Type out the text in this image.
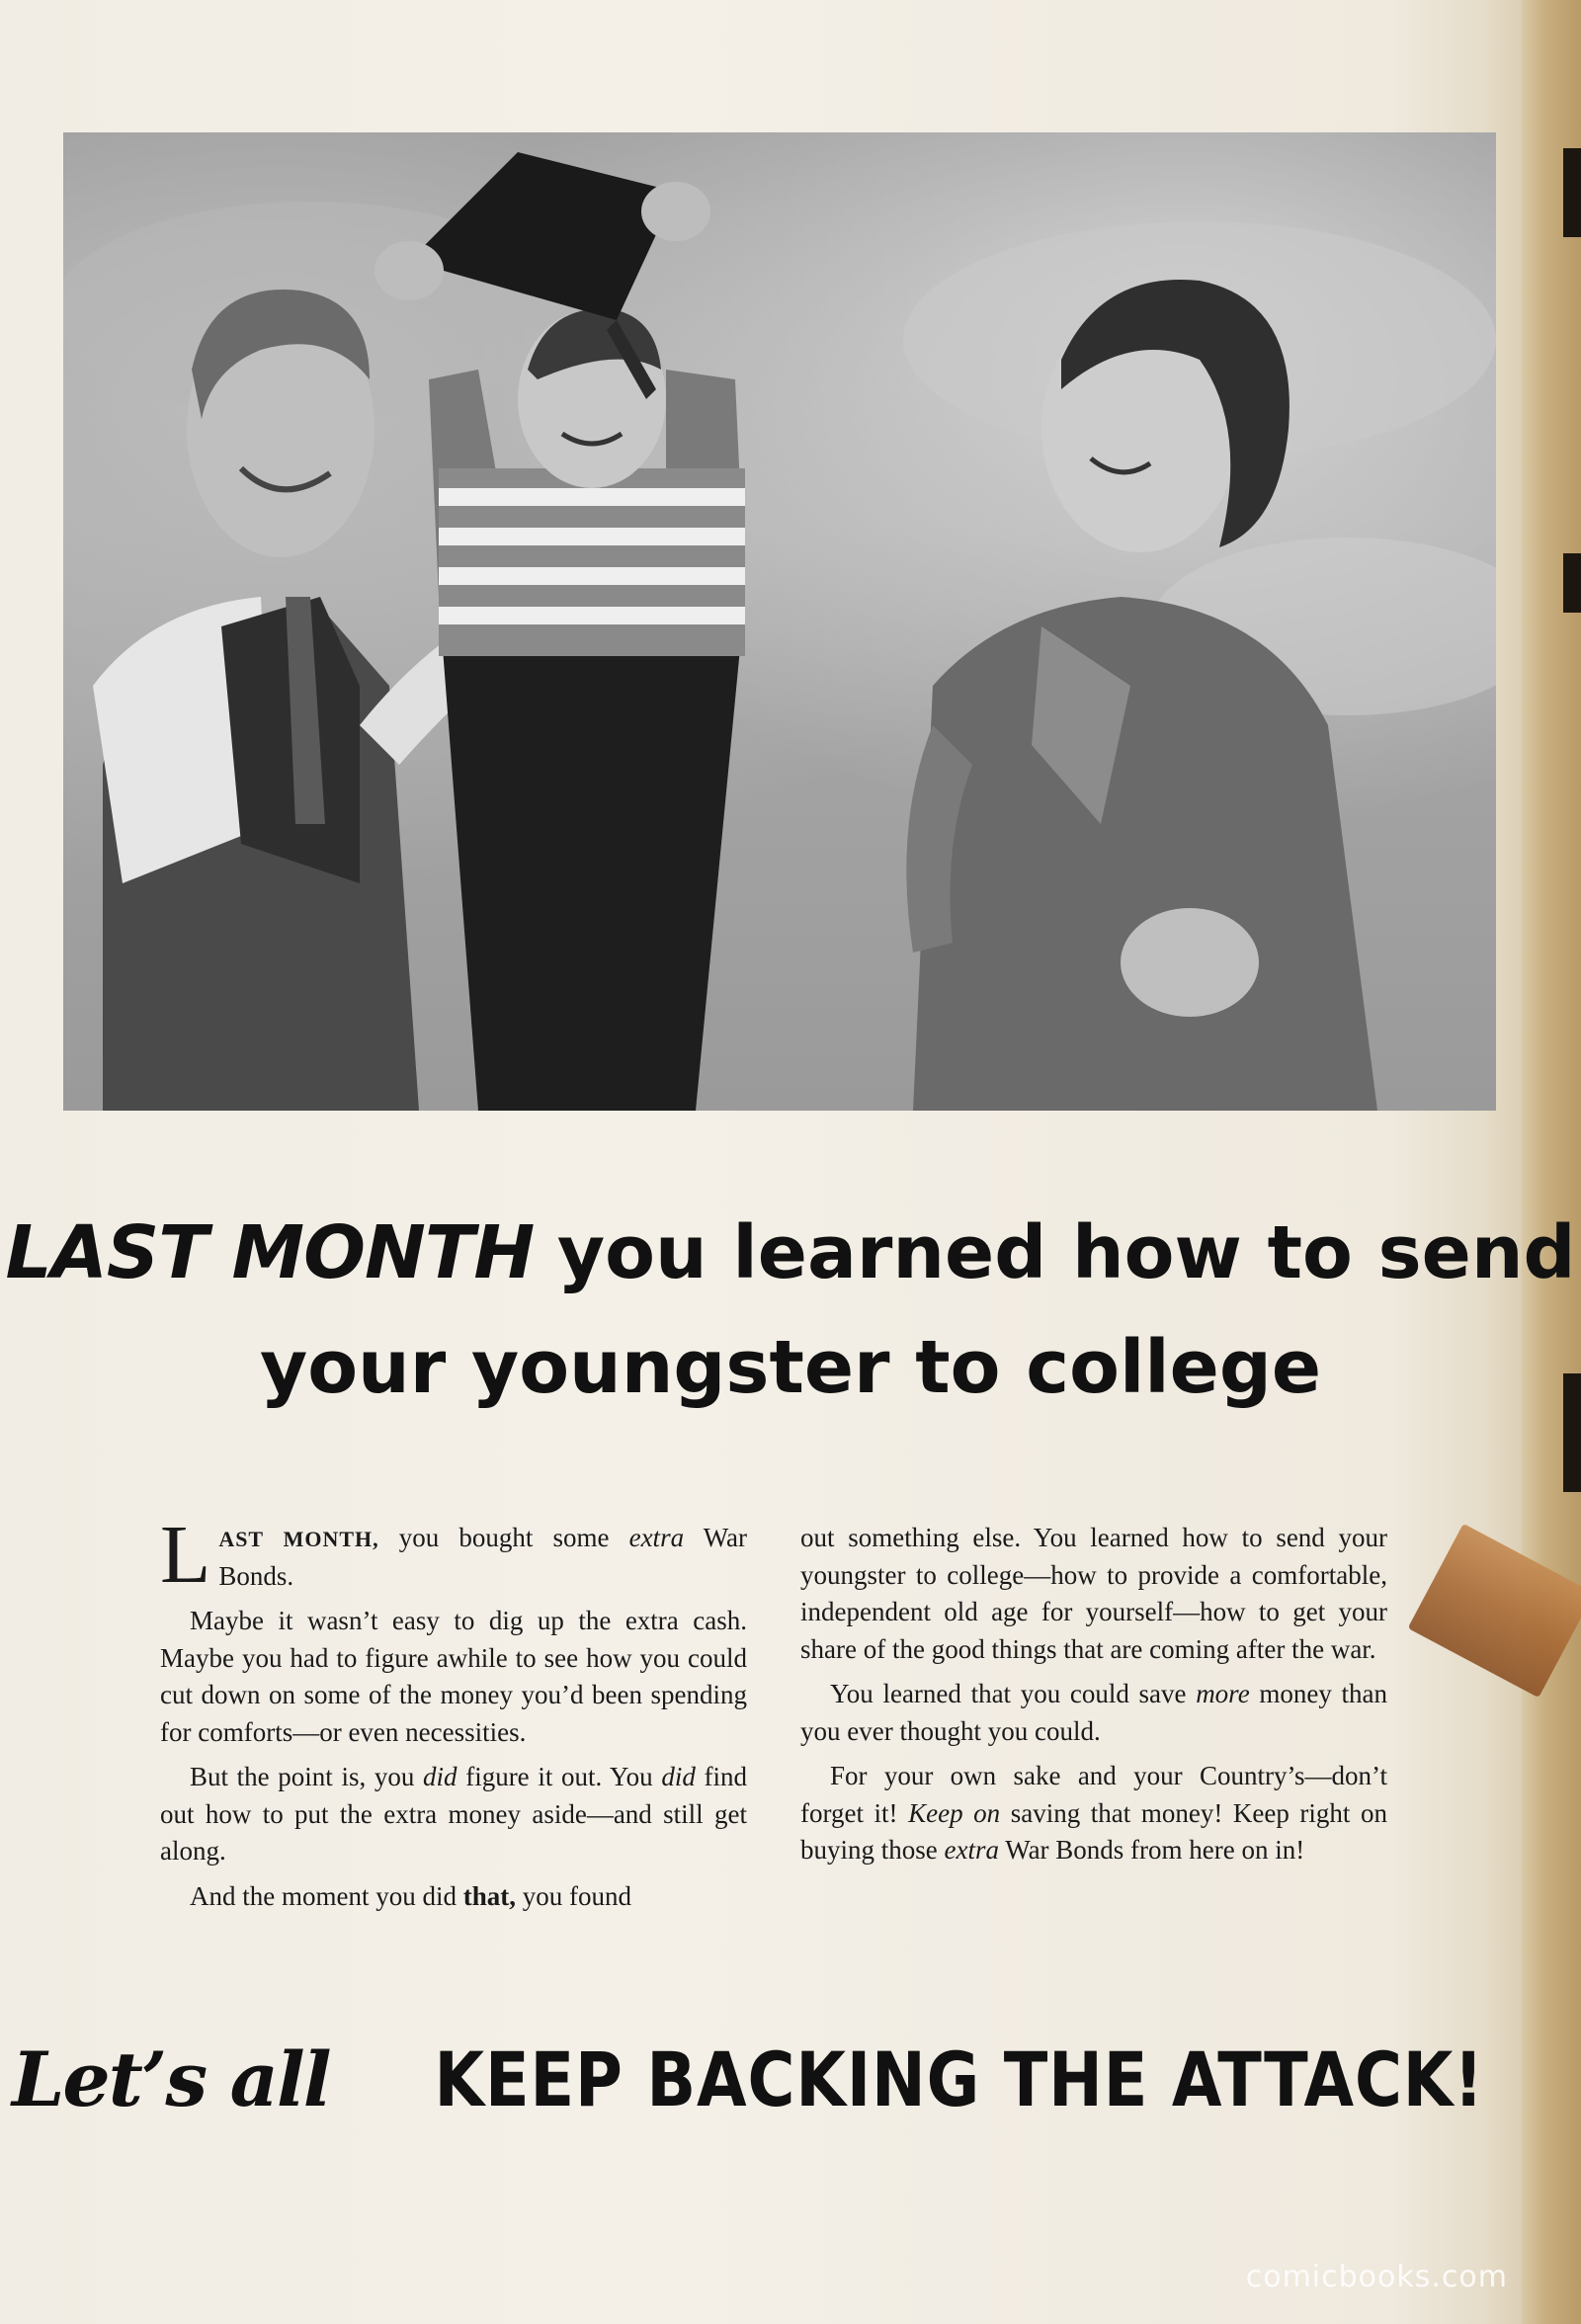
LAST MONTH you learned how to send
your youngster to college

LAST MONTH, you bought some extra War Bonds.

Maybe it wasn’t easy to dig up the extra cash. Maybe you had to figure awhile to see how you could cut down on some of the money you’d been spending for comforts—or even necessities.

But the point is, you did figure it out. You did find out how to put the extra money aside—and still get along.

And the moment you did that, you found

out something else. You learned how to send your youngster to college—how to provide a comfortable, independent old age for yourself—how to get your share of the good things that are coming after the war.

You learned that you could save more money than you ever thought you could.

For your own sake and your Country’s—don’t forget it! Keep on saving that money! Keep right on buying those extra War Bonds from here on in!

Let’s all KEEP BACKING THE ATTACK!
comicbooks.com
